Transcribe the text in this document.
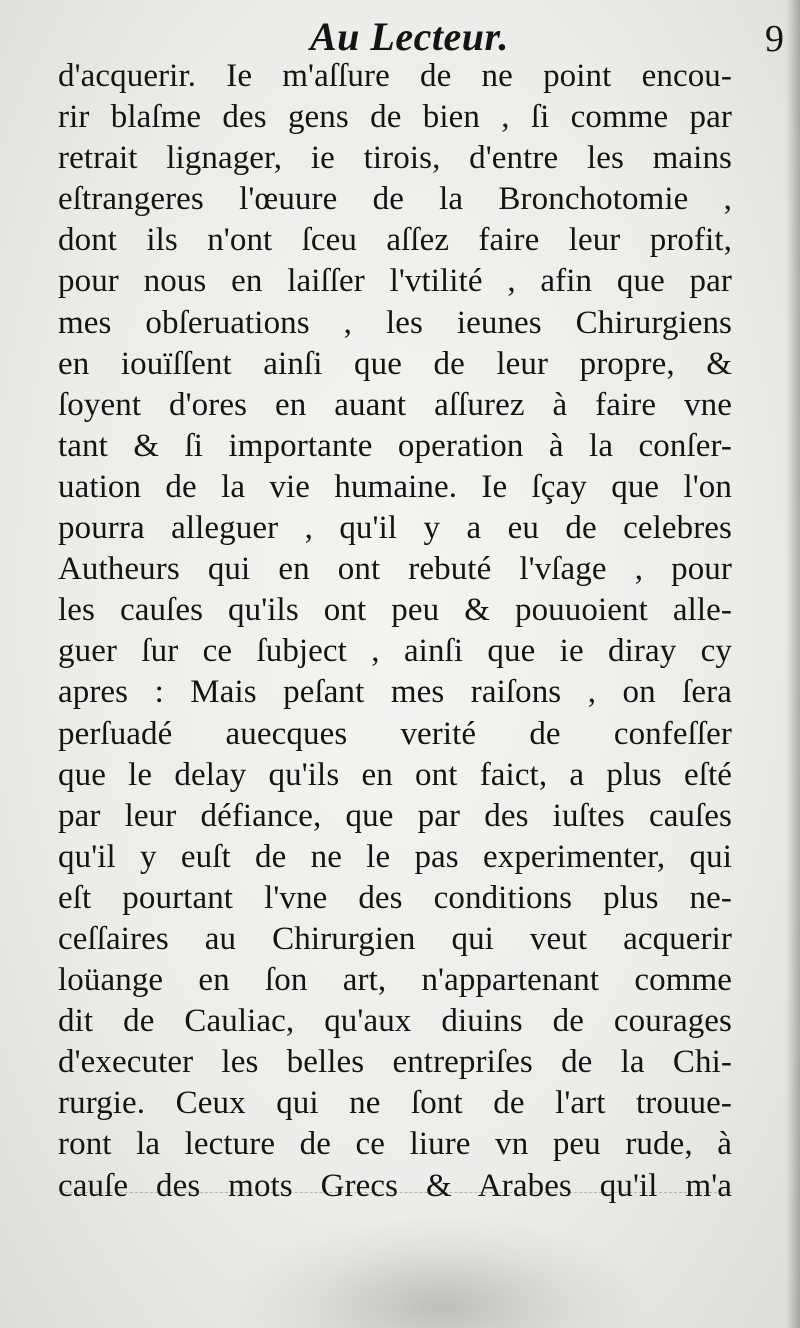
Au Lecteur.	9
d'acquerir. Ie m'aſſure de ne point encou-
rir blaſme des gens de bien , ſi comme par
retrait lignager, ie tirois, d'entre les mains
eſtrangeres l'œuure de la Bronchotomie ,
dont ils n'ont ſceu aſſez faire leur profit,
pour nous en laiſſer l'vtilité , afin que par
mes obſeruations , les ieunes Chirurgiens
en iouïſſent ainſi que de leur propre, &
ſoyent d'ores en auant aſſurez à faire vne
tant & ſi importante operation à la conſer-
uation de la vie humaine. Ie ſçay que l'on
pourra alleguer , qu'il y a eu de celebres
Autheurs qui en ont rebuté l'vſage , pour
les cauſes qu'ils ont peu & pouuoient alle-
guer ſur ce ſubject , ainſi que ie diray cy
apres : Mais peſant mes raiſons , on ſera
perſuadé auecques verité de confeſſer
que le delay qu'ils en ont faict, a plus eſté
par leur défiance, que par des iuſtes cauſes
qu'il y euſt de ne le pas experimenter, qui
eſt pourtant l'vne des conditions plus ne-
ceſſaires au Chirurgien qui veut acquerir
loüange en ſon art, n'appartenant comme
dit de Cauliac, qu'aux diuins de courages
d'executer les belles entrepriſes de la Chi-
rurgie. Ceux qui ne ſont de l'art trouue-
ront la lecture de ce liure vn peu rude, à
cauſe des mots Grecs & Arabes qu'il m'a
